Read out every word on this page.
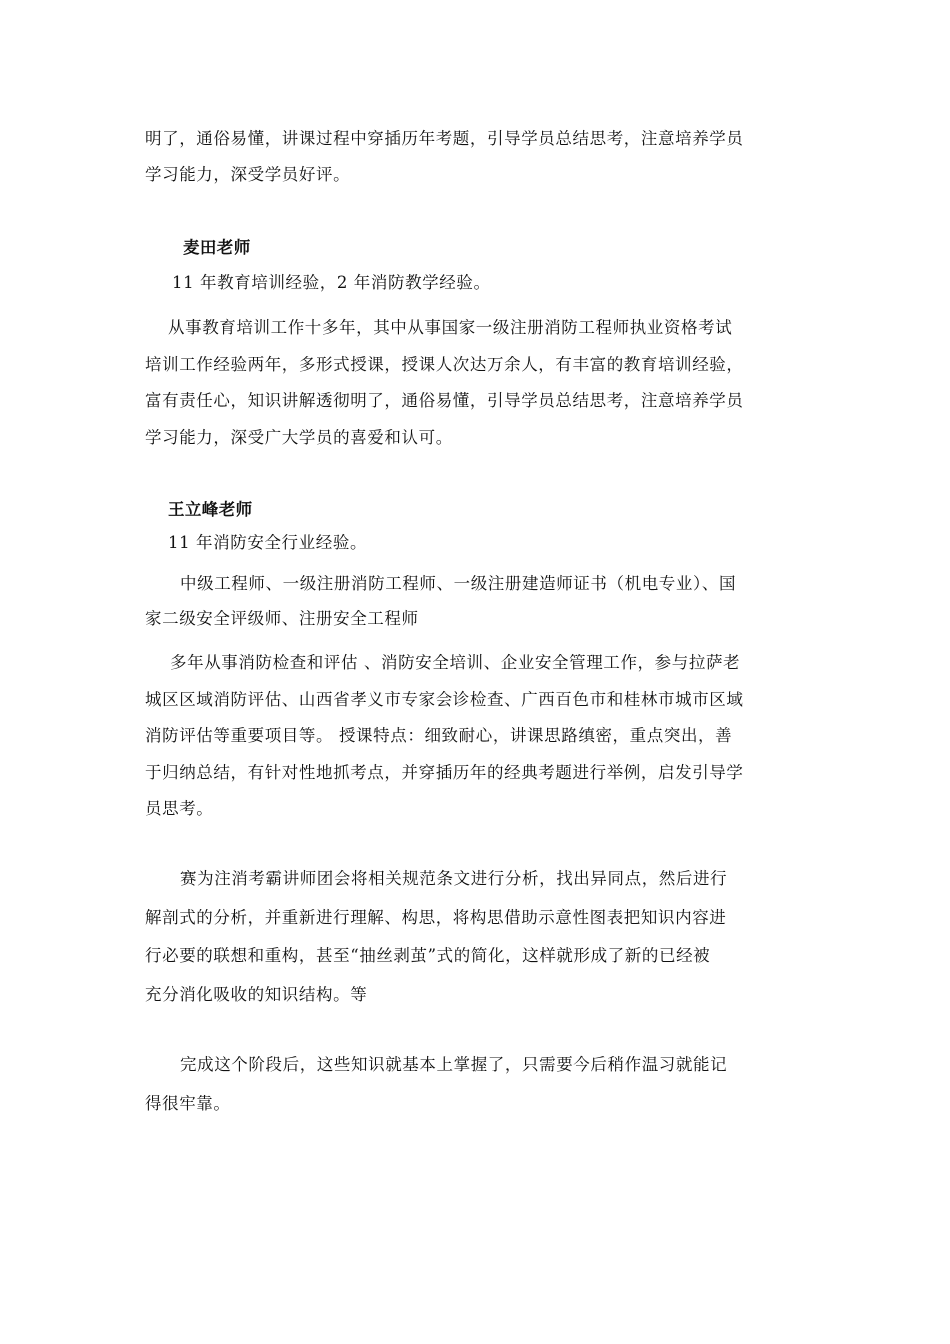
明了，通俗易懂，讲课过程中穿插历年考题，引导学员总结思考，注意培养学员
学习能力，深受学员好评。
麦田老师
11 年教育培训经验，2 年消防教学经验。
从事教育培训工作十多年，其中从事国家一级注册消防工程师执业资格考试
培训工作经验两年，多形式授课，授课人次达万余人，有丰富的教育培训经验，
富有责任心，知识讲解透彻明了，通俗易懂，引导学员总结思考，注意培养学员
学习能力，深受广大学员的喜爱和认可。
王立峰老师
11 年消防安全行业经验。
中级工程师、一级注册消防工程师、一级注册建造师证书（机电专业）、国
家二级安全评级师、注册安全工程师
多年从事消防检查和评估 、消防安全培训、企业安全管理工作，参与拉萨老
城区区域消防评估、山西省孝义市专家会诊检查、广西百色市和桂林市城市区域
消防评估等重要项目等。 授课特点：细致耐心，讲课思路缜密，重点突出，善
于归纳总结，有针对性地抓考点，并穿插历年的经典考题进行举例，启发引导学
员思考。
赛为注消考霸讲师团会将相关规范条文进行分析，找出异同点，然后进行
解剖式的分析，并重新进行理解、构思，将构思借助示意性图表把知识内容进
行必要的联想和重构，甚至“抽丝剥茧”式的简化，这样就形成了新的已经被
充分消化吸收的知识结构。等
完成这个阶段后，这些知识就基本上掌握了，只需要今后稍作温习就能记
得很牢靠。
